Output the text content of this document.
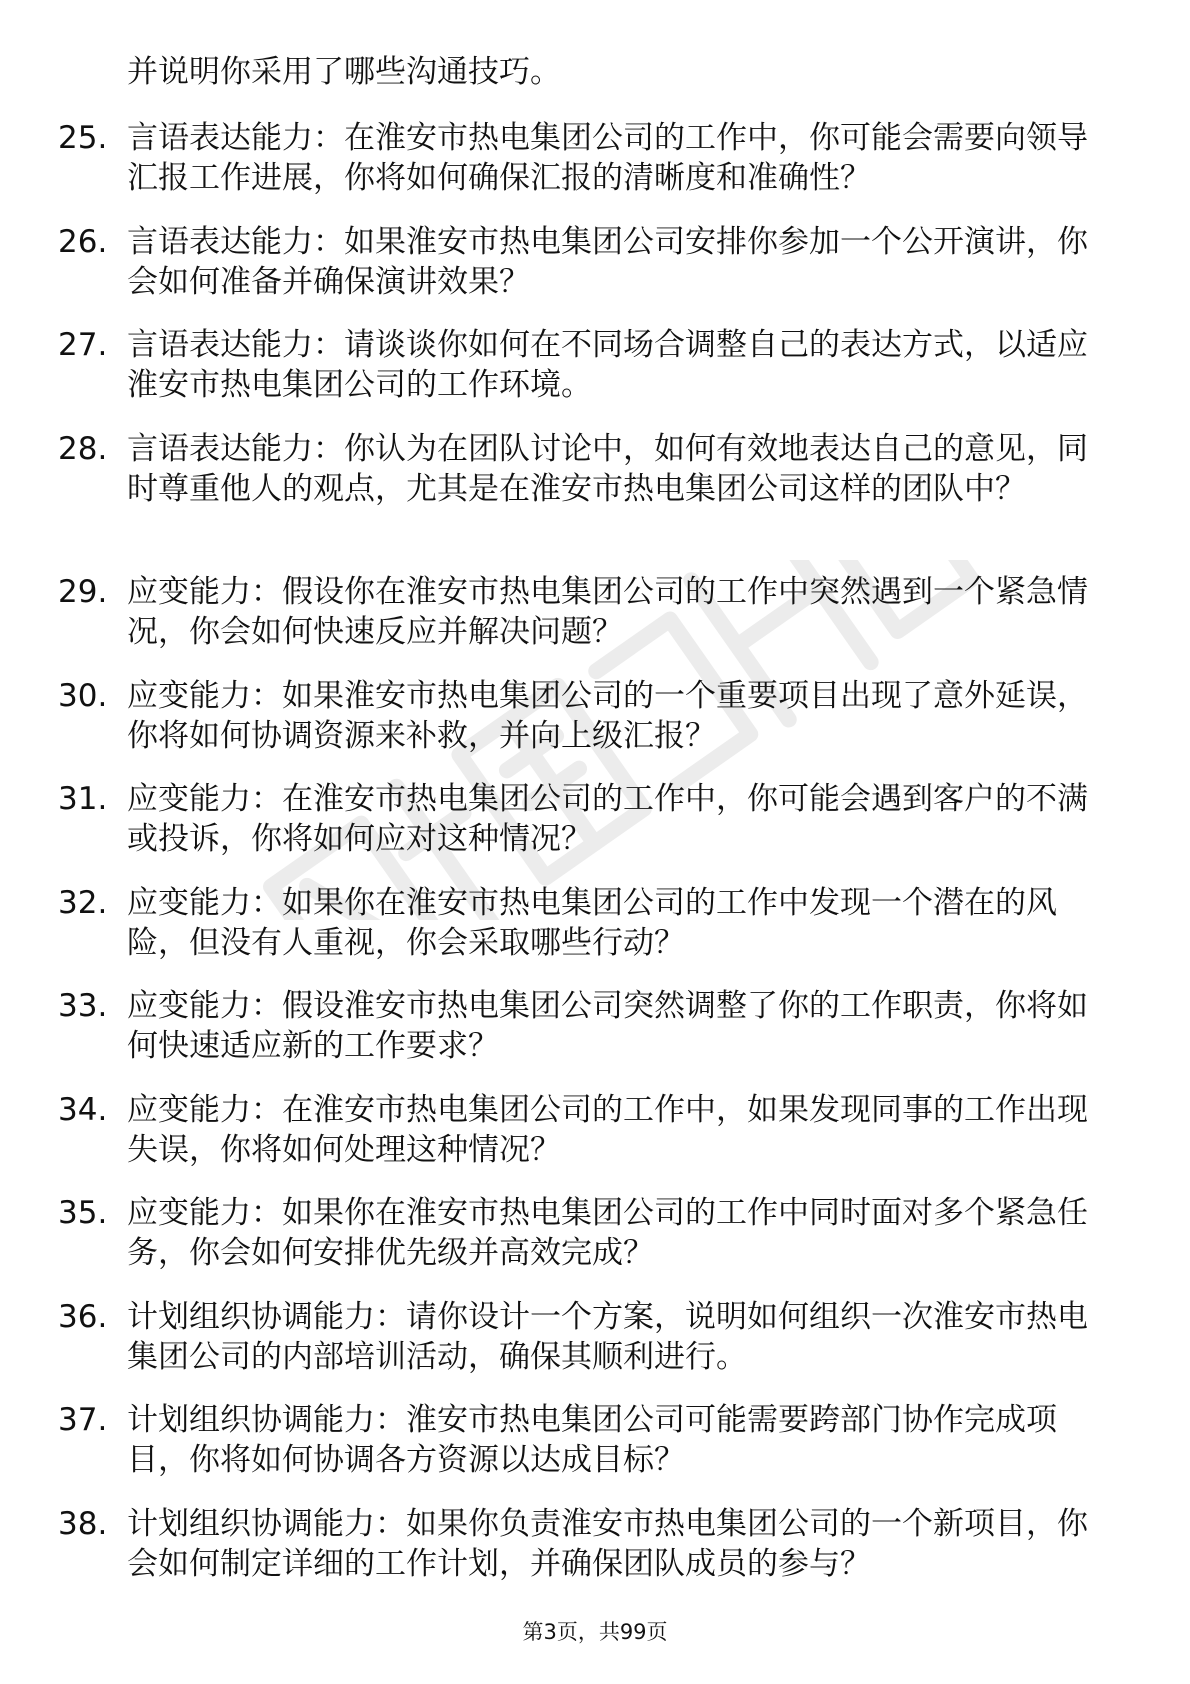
并说明你采用了哪些沟通技巧。
25. 言语表达能力：在淮安市热电集团公司的工作中，你可能会需要向领导汇报工作进展，你将如何确保汇报的清晰度和准确性？
26. 言语表达能力：如果淮安市热电集团公司安排你参加一个公开演讲，你会如何准备并确保演讲效果？
27. 言语表达能力：请谈谈你如何在不同场合调整自己的表达方式，以适应淮安市热电集团公司的工作环境。
28. 言语表达能力：你认为在团队讨论中，如何有效地表达自己的意见，同时尊重他人的观点，尤其是在淮安市热电集团公司这样的团队中？
29. 应变能力：假设你在淮安市热电集团公司的工作中突然遇到一个紧急情况，你会如何快速反应并解决问题？
30. 应变能力：如果淮安市热电集团公司的一个重要项目出现了意外延误，你将如何协调资源来补救，并向上级汇报？
31. 应变能力：在淮安市热电集团公司的工作中，你可能会遇到客户的不满或投诉，你将如何应对这种情况？
32. 应变能力：如果你在淮安市热电集团公司的工作中发现一个潜在的风险，但没有人重视，你会采取哪些行动？
33. 应变能力：假设淮安市热电集团公司突然调整了你的工作职责，你将如何快速适应新的工作要求？
34. 应变能力：在淮安市热电集团公司的工作中，如果发现同事的工作出现失误，你将如何处理这种情况？
35. 应变能力：如果你在淮安市热电集团公司的工作中同时面对多个紧急任务，你会如何安排优先级并高效完成？
36. 计划组织协调能力：请你设计一个方案，说明如何组织一次淮安市热电集团公司的内部培训活动，确保其顺利进行。
37. 计划组织协调能力：淮安市热电集团公司可能需要跨部门协作完成项目，你将如何协调各方资源以达成目标？
38. 计划组织协调能力：如果你负责淮安市热电集团公司的一个新项目，你会如何制定详细的工作计划，并确保团队成员的参与？
第3页，共99页
